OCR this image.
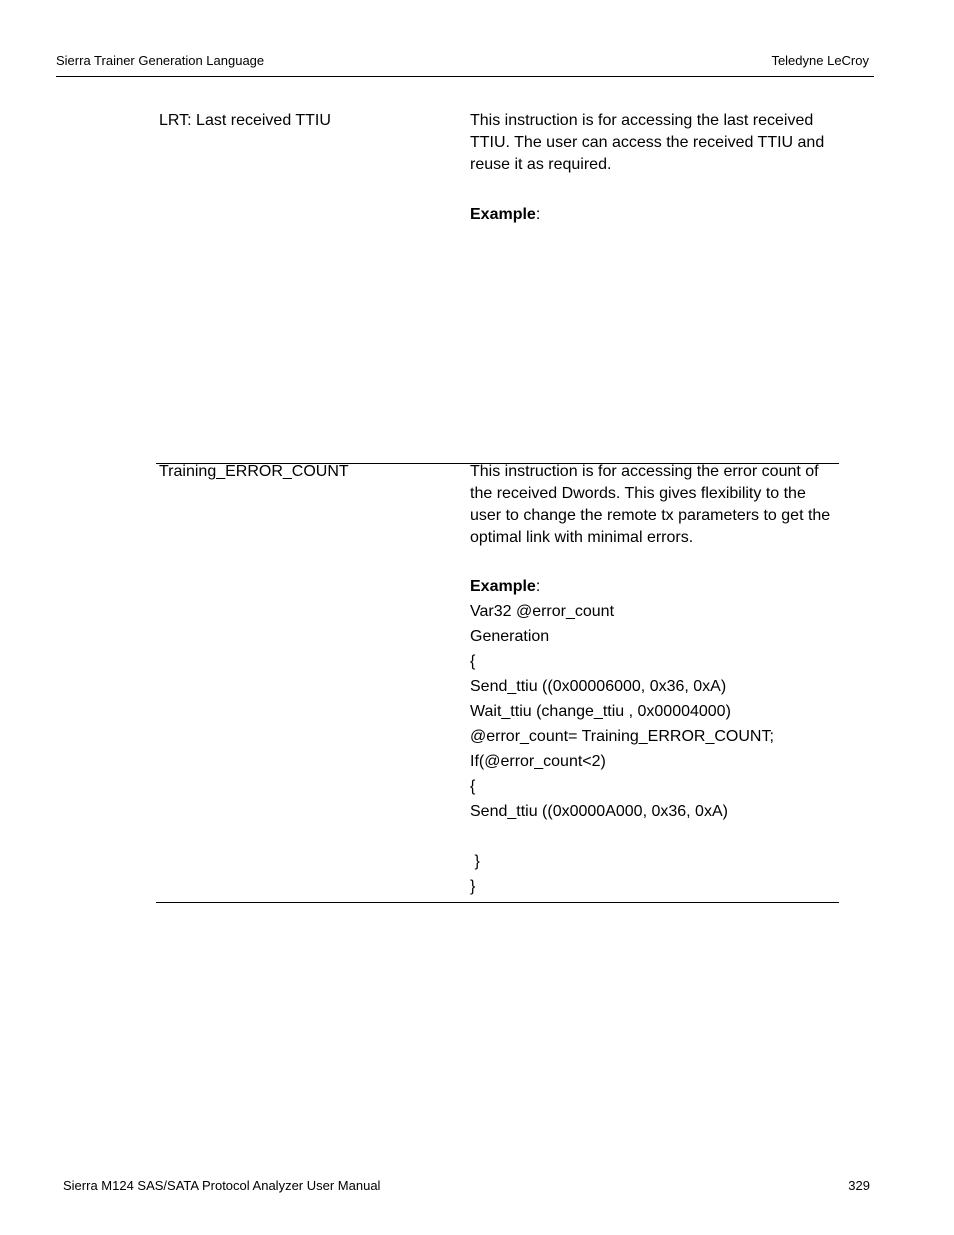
Sierra Trainer Generation Language	Teledyne LeCroy
LRT: Last received TTIU	This instruction is for accessing the last received TTIU. The user can access the received TTIU and reuse it as required.

Example:
Training_ERROR_COUNT	This instruction is for accessing the error count of the received Dwords. This gives flexibility to the user to change the remote tx parameters to get the optimal link with minimal errors.

Example:
Var32 @error_count
Generation
{
Send_ttiu ((0x00006000, 0x36, 0xA)
Wait_ttiu (change_ttiu , 0x00004000)
@error_count= Training_ERROR_COUNT;
If(@error_count<2)
{
Send_ttiu ((0x0000A000, 0x36, 0xA)
}
}
Sierra M124 SAS/SATA Protocol Analyzer User Manual	329
